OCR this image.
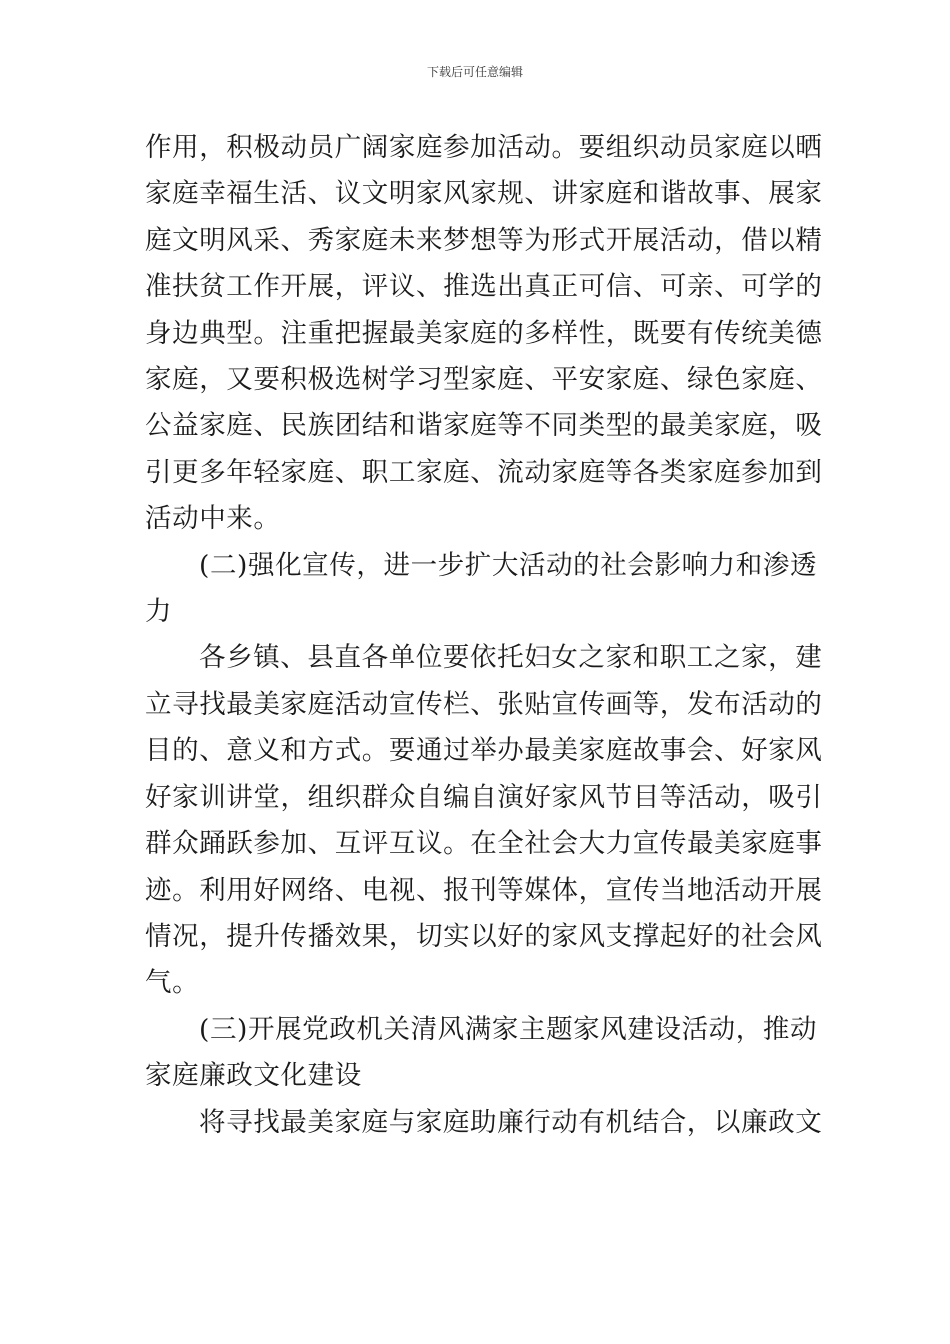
下载后可任意编辑

作用，积极动员广阔家庭参加活动。要组织动员家庭以晒
家庭幸福生活、议文明家风家规、讲家庭和谐故事、展家
庭文明风采、秀家庭未来梦想等为形式开展活动，借以精
准扶贫工作开展，评议、推选出真正可信、可亲、可学的
身边典型。注重把握最美家庭的多样性，既要有传统美德
家庭，又要积极选树学习型家庭、平安家庭、绿色家庭、
公益家庭、民族团结和谐家庭等不同类型的最美家庭，吸
引更多年轻家庭、职工家庭、流动家庭等各类家庭参加到
活动中来。

(二)强化宣传，进一步扩大活动的社会影响力和渗透
力

各乡镇、县直各单位要依托妇女之家和职工之家，建
立寻找最美家庭活动宣传栏、张贴宣传画等，发布活动的
目的、意义和方式。要通过举办最美家庭故事会、好家风
好家训讲堂，组织群众自编自演好家风节目等活动，吸引
群众踊跃参加、互评互议。在全社会大力宣传最美家庭事
迹。利用好网络、电视、报刊等媒体，宣传当地活动开展
情况，提升传播效果，切实以好的家风支撑起好的社会风
气。

(三)开展党政机关清风满家主题家风建设活动，推动
家庭廉政文化建设

将寻找最美家庭与家庭助廉行动有机结合，以廉政文
